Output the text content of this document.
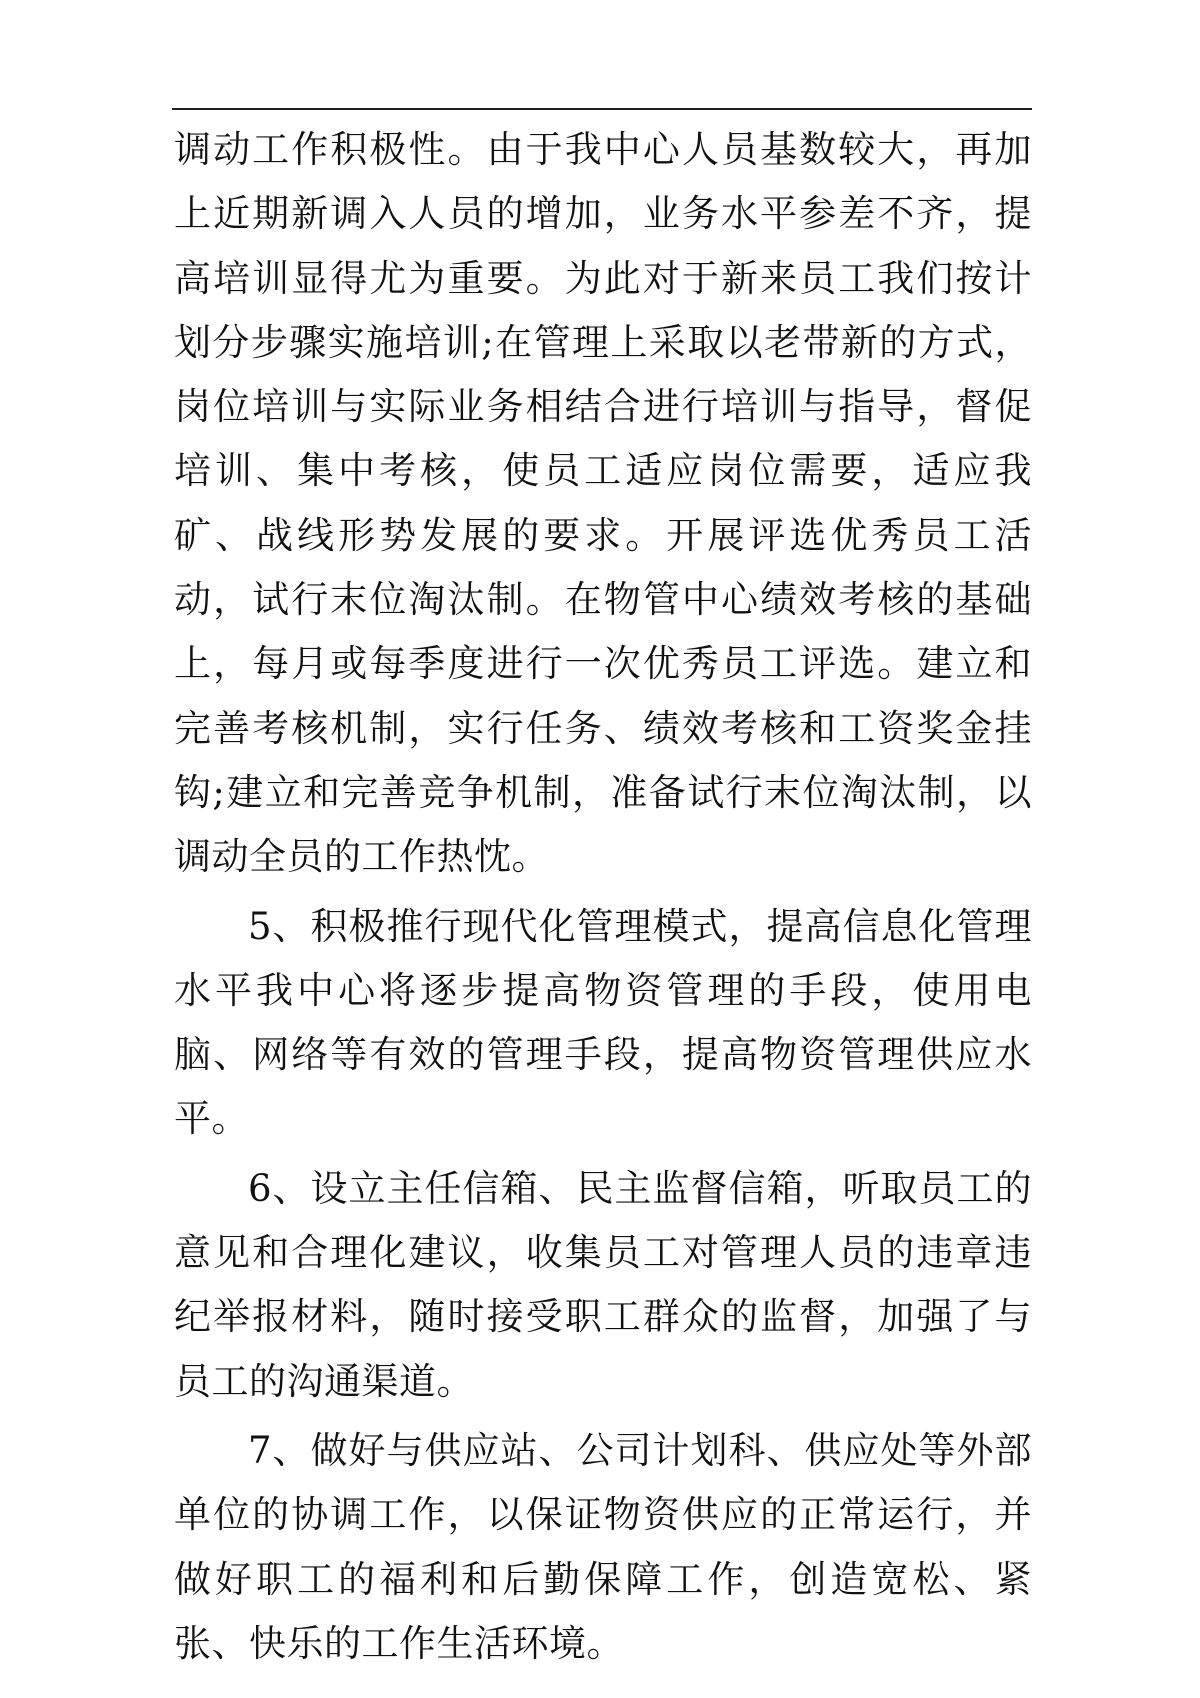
调动工作积极性。由于我中心人员基数较大，再加上近期新调入人员的增加，业务水平参差不齐，提高培训显得尤为重要。为此对于新来员工我们按计划分步骤实施培训;在管理上采取以老带新的方式，岗位培训与实际业务相结合进行培训与指导，督促培训、集中考核，使员工适应岗位需要，适应我矿、战线形势发展的要求。开展评选优秀员工活动，试行末位淘汰制。在物管中心绩效考核的基础上，每月或每季度进行一次优秀员工评选。建立和完善考核机制，实行任务、绩效考核和工资奖金挂钩;建立和完善竞争机制，准备试行末位淘汰制，以调动全员的工作热忱。

5、积极推行现代化管理模式，提高信息化管理水平我中心将逐步提高物资管理的手段，使用电脑、网络等有效的管理手段，提高物资管理供应水平。

6、设立主任信箱、民主监督信箱，听取员工的意见和合理化建议，收集员工对管理人员的违章违纪举报材料，随时接受职工群众的监督，加强了与员工的沟通渠道。

7、做好与供应站、公司计划科、供应处等外部单位的协调工作，以保证物资供应的正常运行，并做好职工的福利和后勤保障工作，创造宽松、紧张、快乐的工作生活环境。
